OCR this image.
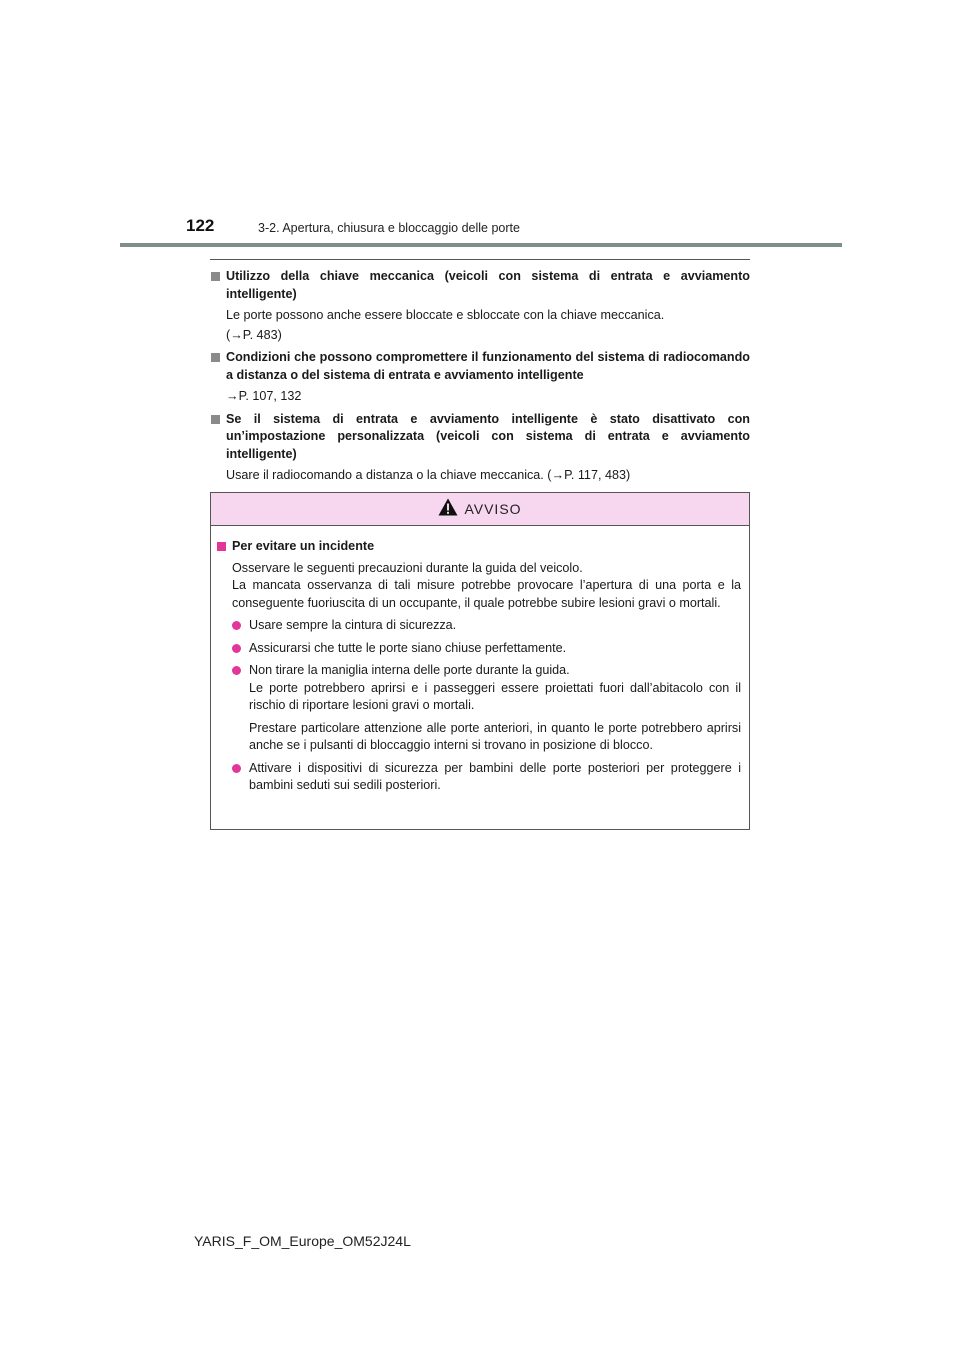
122	3-2. Apertura, chiusura e bloccaggio delle porte
Utilizzo della chiave meccanica (veicoli con sistema di entrata e avviamento intelligente)
Le porte possono anche essere bloccate e sbloccate con la chiave meccanica.
(→P. 483)
Condizioni che possono compromettere il funzionamento del sistema di radiocomando a distanza o del sistema di entrata e avviamento intelligente
→P. 107, 132
Se il sistema di entrata e avviamento intelligente è stato disattivato con un’impostazione personalizzata (veicoli con sistema di entrata e avviamento intelligente)
Usare il radiocomando a distanza o la chiave meccanica. (→P. 117, 483)
AVVISO
Per evitare un incidente
Osservare le seguenti precauzioni durante la guida del veicolo.
La mancata osservanza di tali misure potrebbe provocare l’apertura di una porta e la conseguente fuoriuscita di un occupante, il quale potrebbe subire lesioni gravi o mortali.
Usare sempre la cintura di sicurezza.
Assicurarsi che tutte le porte siano chiuse perfettamente.
Non tirare la maniglia interna delle porte durante la guida.
Le porte potrebbero aprirsi e i passeggeri essere proiettati fuori dall’abitacolo con il rischio di riportare lesioni gravi o mortali.
Prestare particolare attenzione alle porte anteriori, in quanto le porte potrebbero aprirsi anche se i pulsanti di bloccaggio interni si trovano in posizione di blocco.
Attivare i dispositivi di sicurezza per bambini delle porte posteriori per proteggere i bambini seduti sui sedili posteriori.
YARIS_F_OM_Europe_OM52J24L
